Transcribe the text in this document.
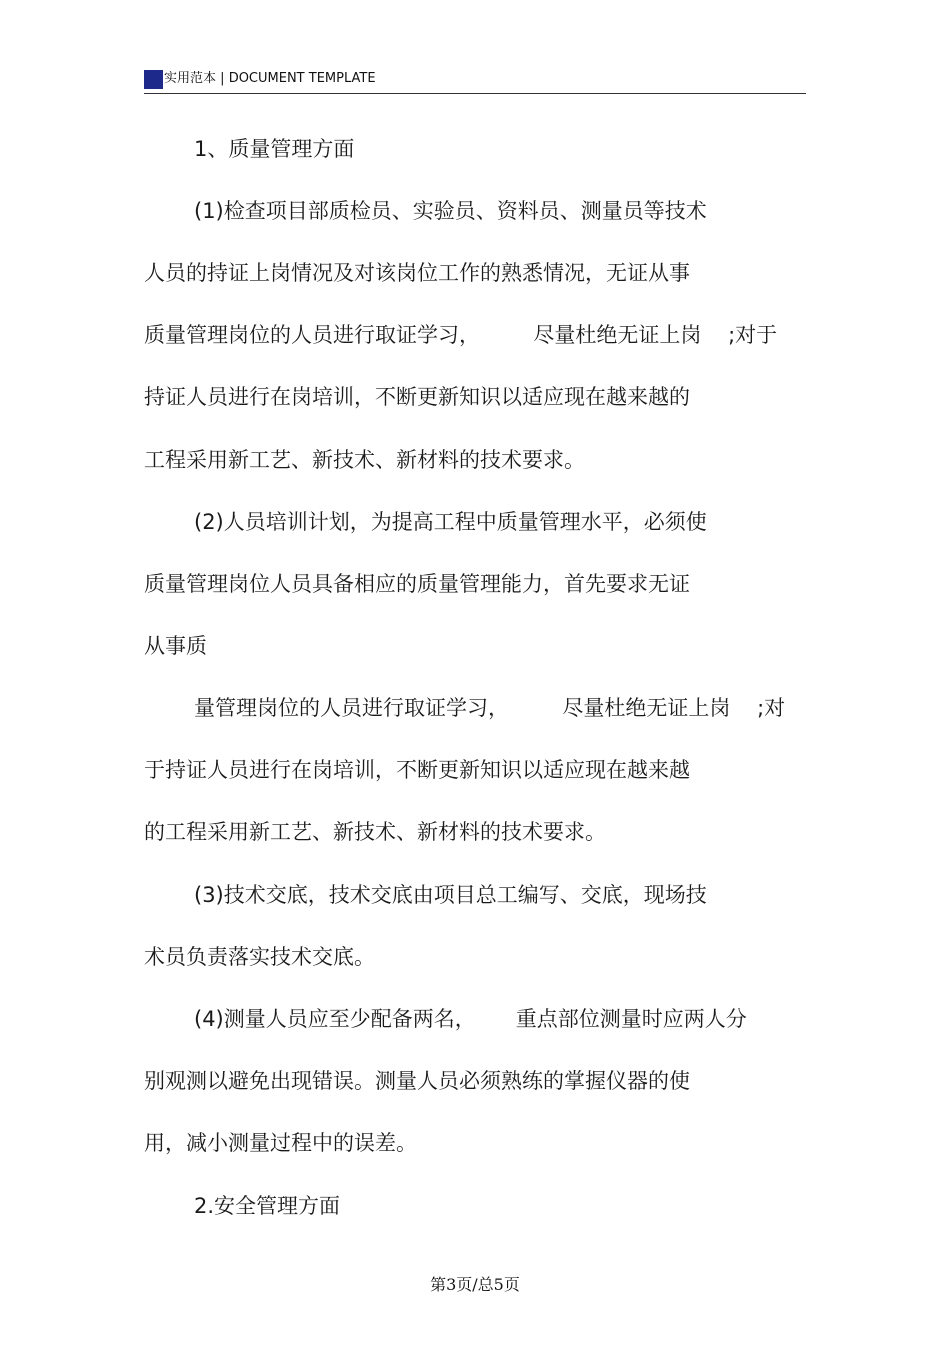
实用范本 | DOCUMENT TEMPLATE
1、质量管理方面
(1)检查项目部质检员、实验员、资料员、测量员等技术
人员的持证上岗情况及对该岗位工作的熟悉情况，无证从事
质量管理岗位的人员进行取证学习，        尽量杜绝无证上岗    ;对于
持证人员进行在岗培训，不断更新知识以适应现在越来越的
工程采用新工艺、新技术、新材料的技术要求。
(2)人员培训计划，为提高工程中质量管理水平，必须使
质量管理岗位人员具备相应的质量管理能力，首先要求无证
从事质
量管理岗位的人员进行取证学习，        尽量杜绝无证上岗    ;对
于持证人员进行在岗培训，不断更新知识以适应现在越来越
的工程采用新工艺、新技术、新材料的技术要求。
(3)技术交底，技术交底由项目总工编写、交底，现场技
术员负责落实技术交底。
(4)测量人员应至少配备两名，      重点部位测量时应两人分
别观测以避免出现错误。测量人员必须熟练的掌握仪器的使
用，减小测量过程中的误差。
2.安全管理方面
第3页/总5页
